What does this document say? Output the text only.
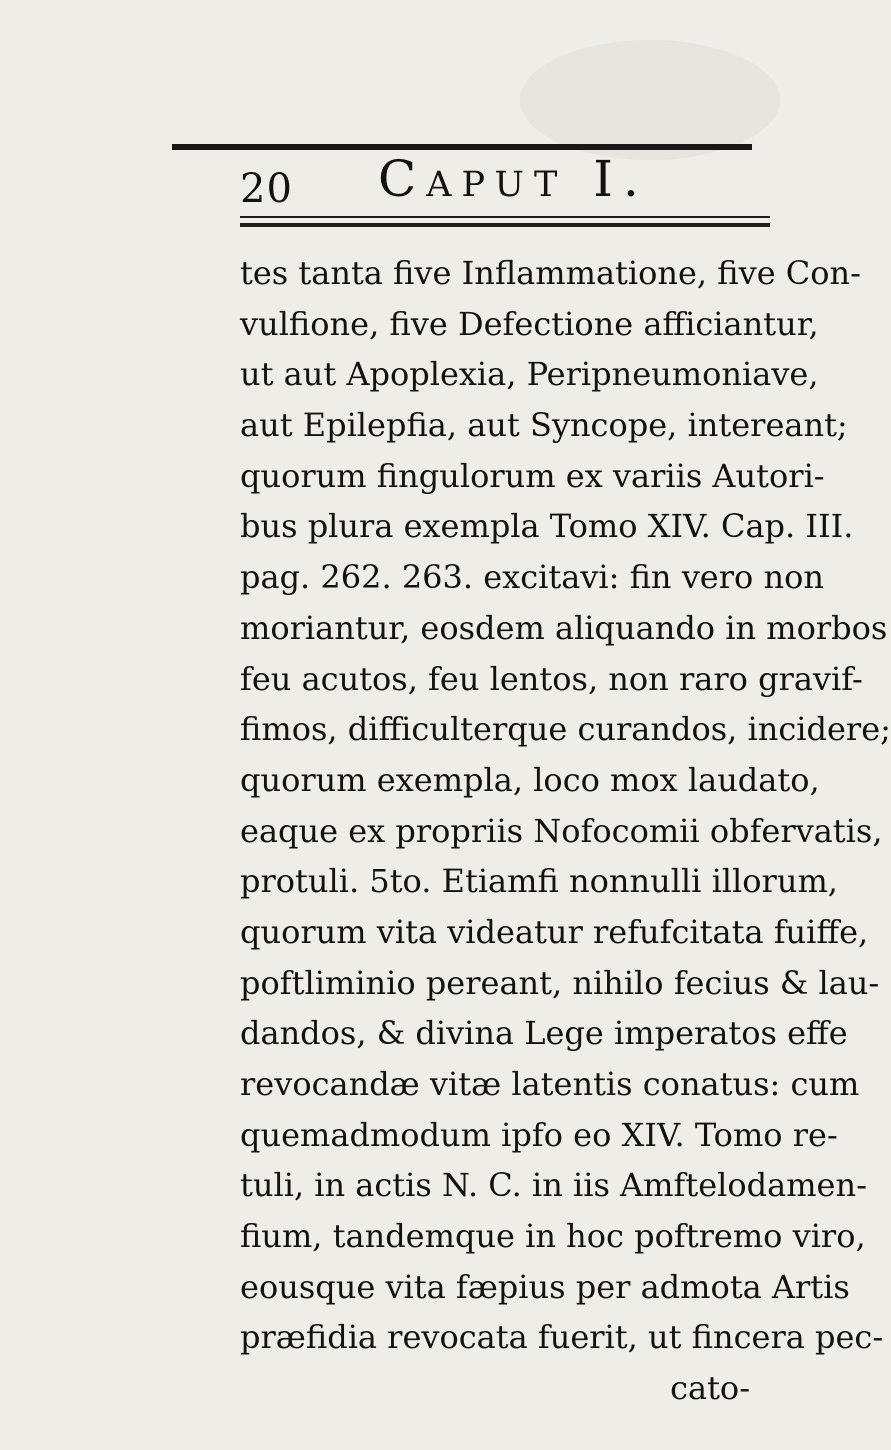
20 Caput I.
tes tanta five Inflammatione, five Con-
vulfione, five Defectione afficiantur,
ut aut Apoplexia, Peripneumoniave,
aut Epilepfia, aut Syncope, intereant;
quorum fingulorum ex variis Autori-
bus plura exempla Tomo XIV. Cap. III.
pag. 262. 263. excitavi: fin vero non
moriantur, eosdem aliquando in morbos
feu acutos, feu lentos, non raro gravif-
fimos, difficulterque curandos, incidere;
quorum exempla, loco mox laudato,
eaque ex propriis Nofocomii obfervatis,
protuli. 5to. Etiamfi nonnulli illorum,
quorum vita videatur refufcitata fuiffe,
poftliminio pereant, nihilo fecius & lau-
dandos, & divina Lege imperatos effe
revocandæ vitæ latentis conatus: cum
quemadmodum ipfo eo XIV. Tomo re-
tuli, in actis N. C. in iis Amftelodamen-
fium, tandemque in hoc poftremo viro,
eousque vita fæpius per admota Artis
præfidia revocata fuerit, ut fincera pec-
cato-
